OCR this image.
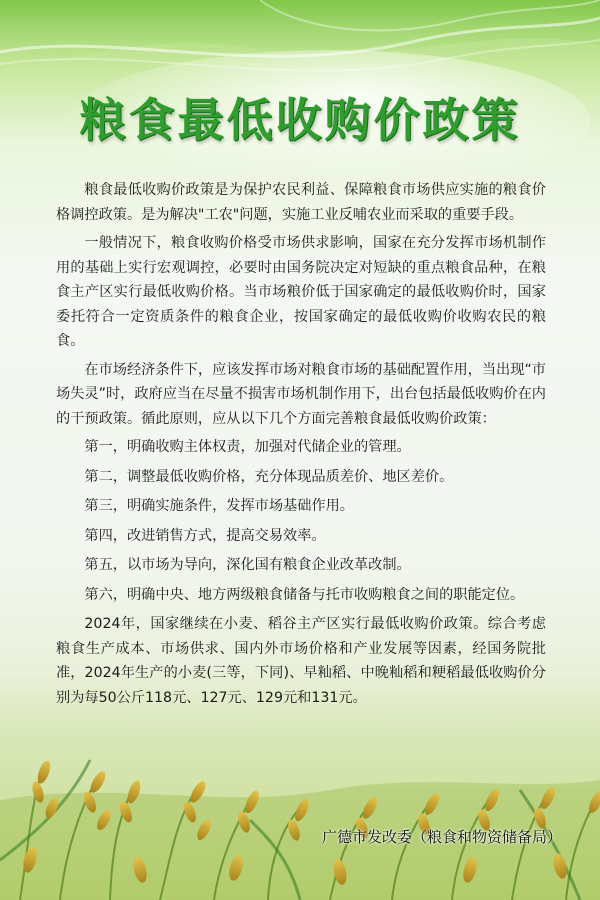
粮食最低收购价政策

粮食最低收购价政策是为保护农民利益、保障粮食市场供应实施的粮食价格调控政策。是为解决"工农"问题，实施工业反哺农业而采取的重要手段。

一般情况下，粮食收购价格受市场供求影响，国家在充分发挥市场机制作用的基础上实行宏观调控，必要时由国务院决定对短缺的重点粮食品种，在粮食主产区实行最低收购价格。当市场粮价低于国家确定的最低收购价时，国家委托符合一定资质条件的粮食企业，按国家确定的最低收购价收购农民的粮食。

在市场经济条件下，应该发挥市场对粮食市场的基础配置作用，当出现“市场失灵”时，政府应当在尽量不损害市场机制作用下，出台包括最低收购价在内的干预政策。循此原则，应从以下几个方面完善粮食最低收购价政策：

第一，明确收购主体权责，加强对代储企业的管理。

第二，调整最低收购价格，充分体现品质差价、地区差价。

第三，明确实施条件，发挥市场基础作用。

第四，改进销售方式，提高交易效率。

第五，以市场为导向，深化国有粮食企业改革改制。

第六，明确中央、地方两级粮食储备与托市收购粮食之间的职能定位。

2024年，国家继续在小麦、稻谷主产区实行最低收购价政策。综合考虑粮食生产成本、市场供求、国内外市场价格和产业发展等因素，经国务院批准，2024年生产的小麦(三等，下同)、早籼稻、中晚籼稻和粳稻最低收购价分别为每50公斤118元、127元、129元和131元。

广德市发改委（粮食和物资储备局）
